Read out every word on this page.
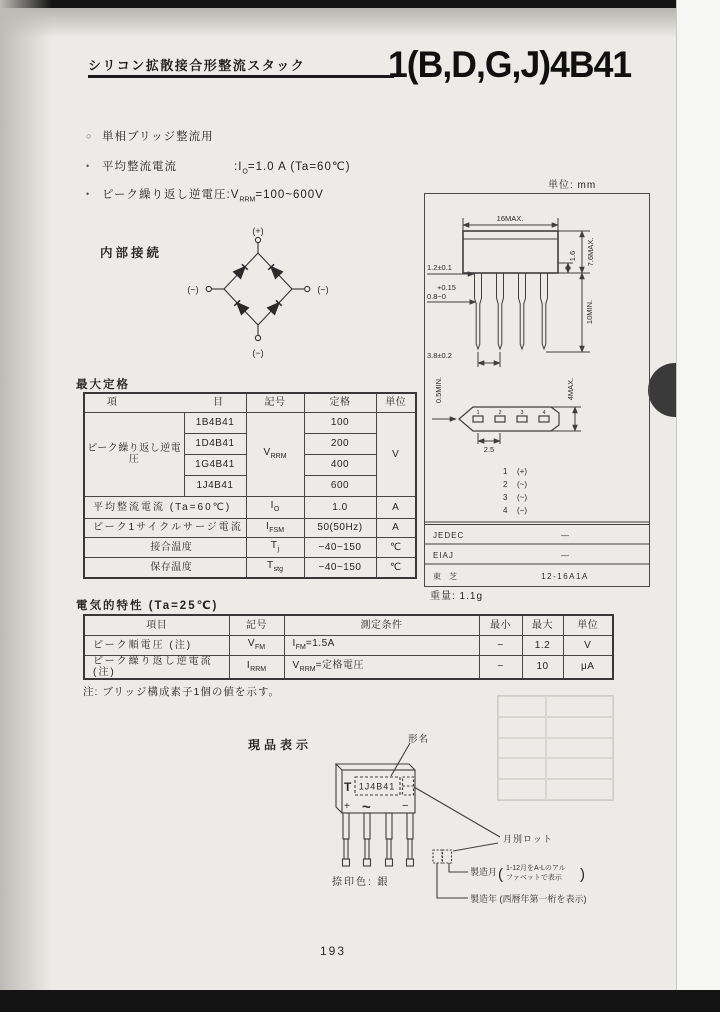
シリコン拡散接合形整流スタック 1(B,D,G,J)4B41
○ 単相ブリッジ整流用
• 平均整流電流	$:I_O=1.0$ A (Ta=60℃)
• ピーク繰り返し逆電圧$:V_{RRM}=100\sim 600V$
内部接続
(+)
(~)	(~)
(−)
単位: mm
16MAX.
1.2±0.1
+0.15
0.8−0
3.8±0.2
1.6 7.6MAX.
10MIN.
0.5MIN.	4MAX.
2.5
1	2	3	4
1 (+)
2 (~)
3 (~)
4 (−)
JEDEC	―
EIAJ	―
東芝	12-16A1A
重量: 1.1g
最大定格
項 目		記号	定格	単位
ピーク繰り返し逆電圧	1B4B41	$V_{RRM}$	100	V
	1D4B41		200	
	1G4B41		400	
	1J4B41		600	
平均整流電流 (Ta=60℃)		$I_O$	1.0	A
ピーク1サイクルサージ電流		$I_{FSM}$	50(50Hz)	A
接合温度		$T_j$	−40~150	℃
保存温度		$T_{stg}$	−40~150	℃
電気的特性 (Ta=25℃)
項目	記号	測定条件	最小	最大	単位
ピーク順電圧 (注)	$V_{FM}$	$I_{FM}=1.5A$	−	1.2	V
ピーク繰り返し逆電流 (注)	$I_{RRM}$	$V_{RRM}=$定格電圧	−	10	μA
注: ブリッジ構成素子1個の値を示す。
現品表示	形名
T 1J4B41
+ ~	−
月別ロット
製造月 ( 1-12月をA-Lのアル
ファベットで表示 )
製造年 (西暦年第一桁を表示)
捺印色: 銀
193
